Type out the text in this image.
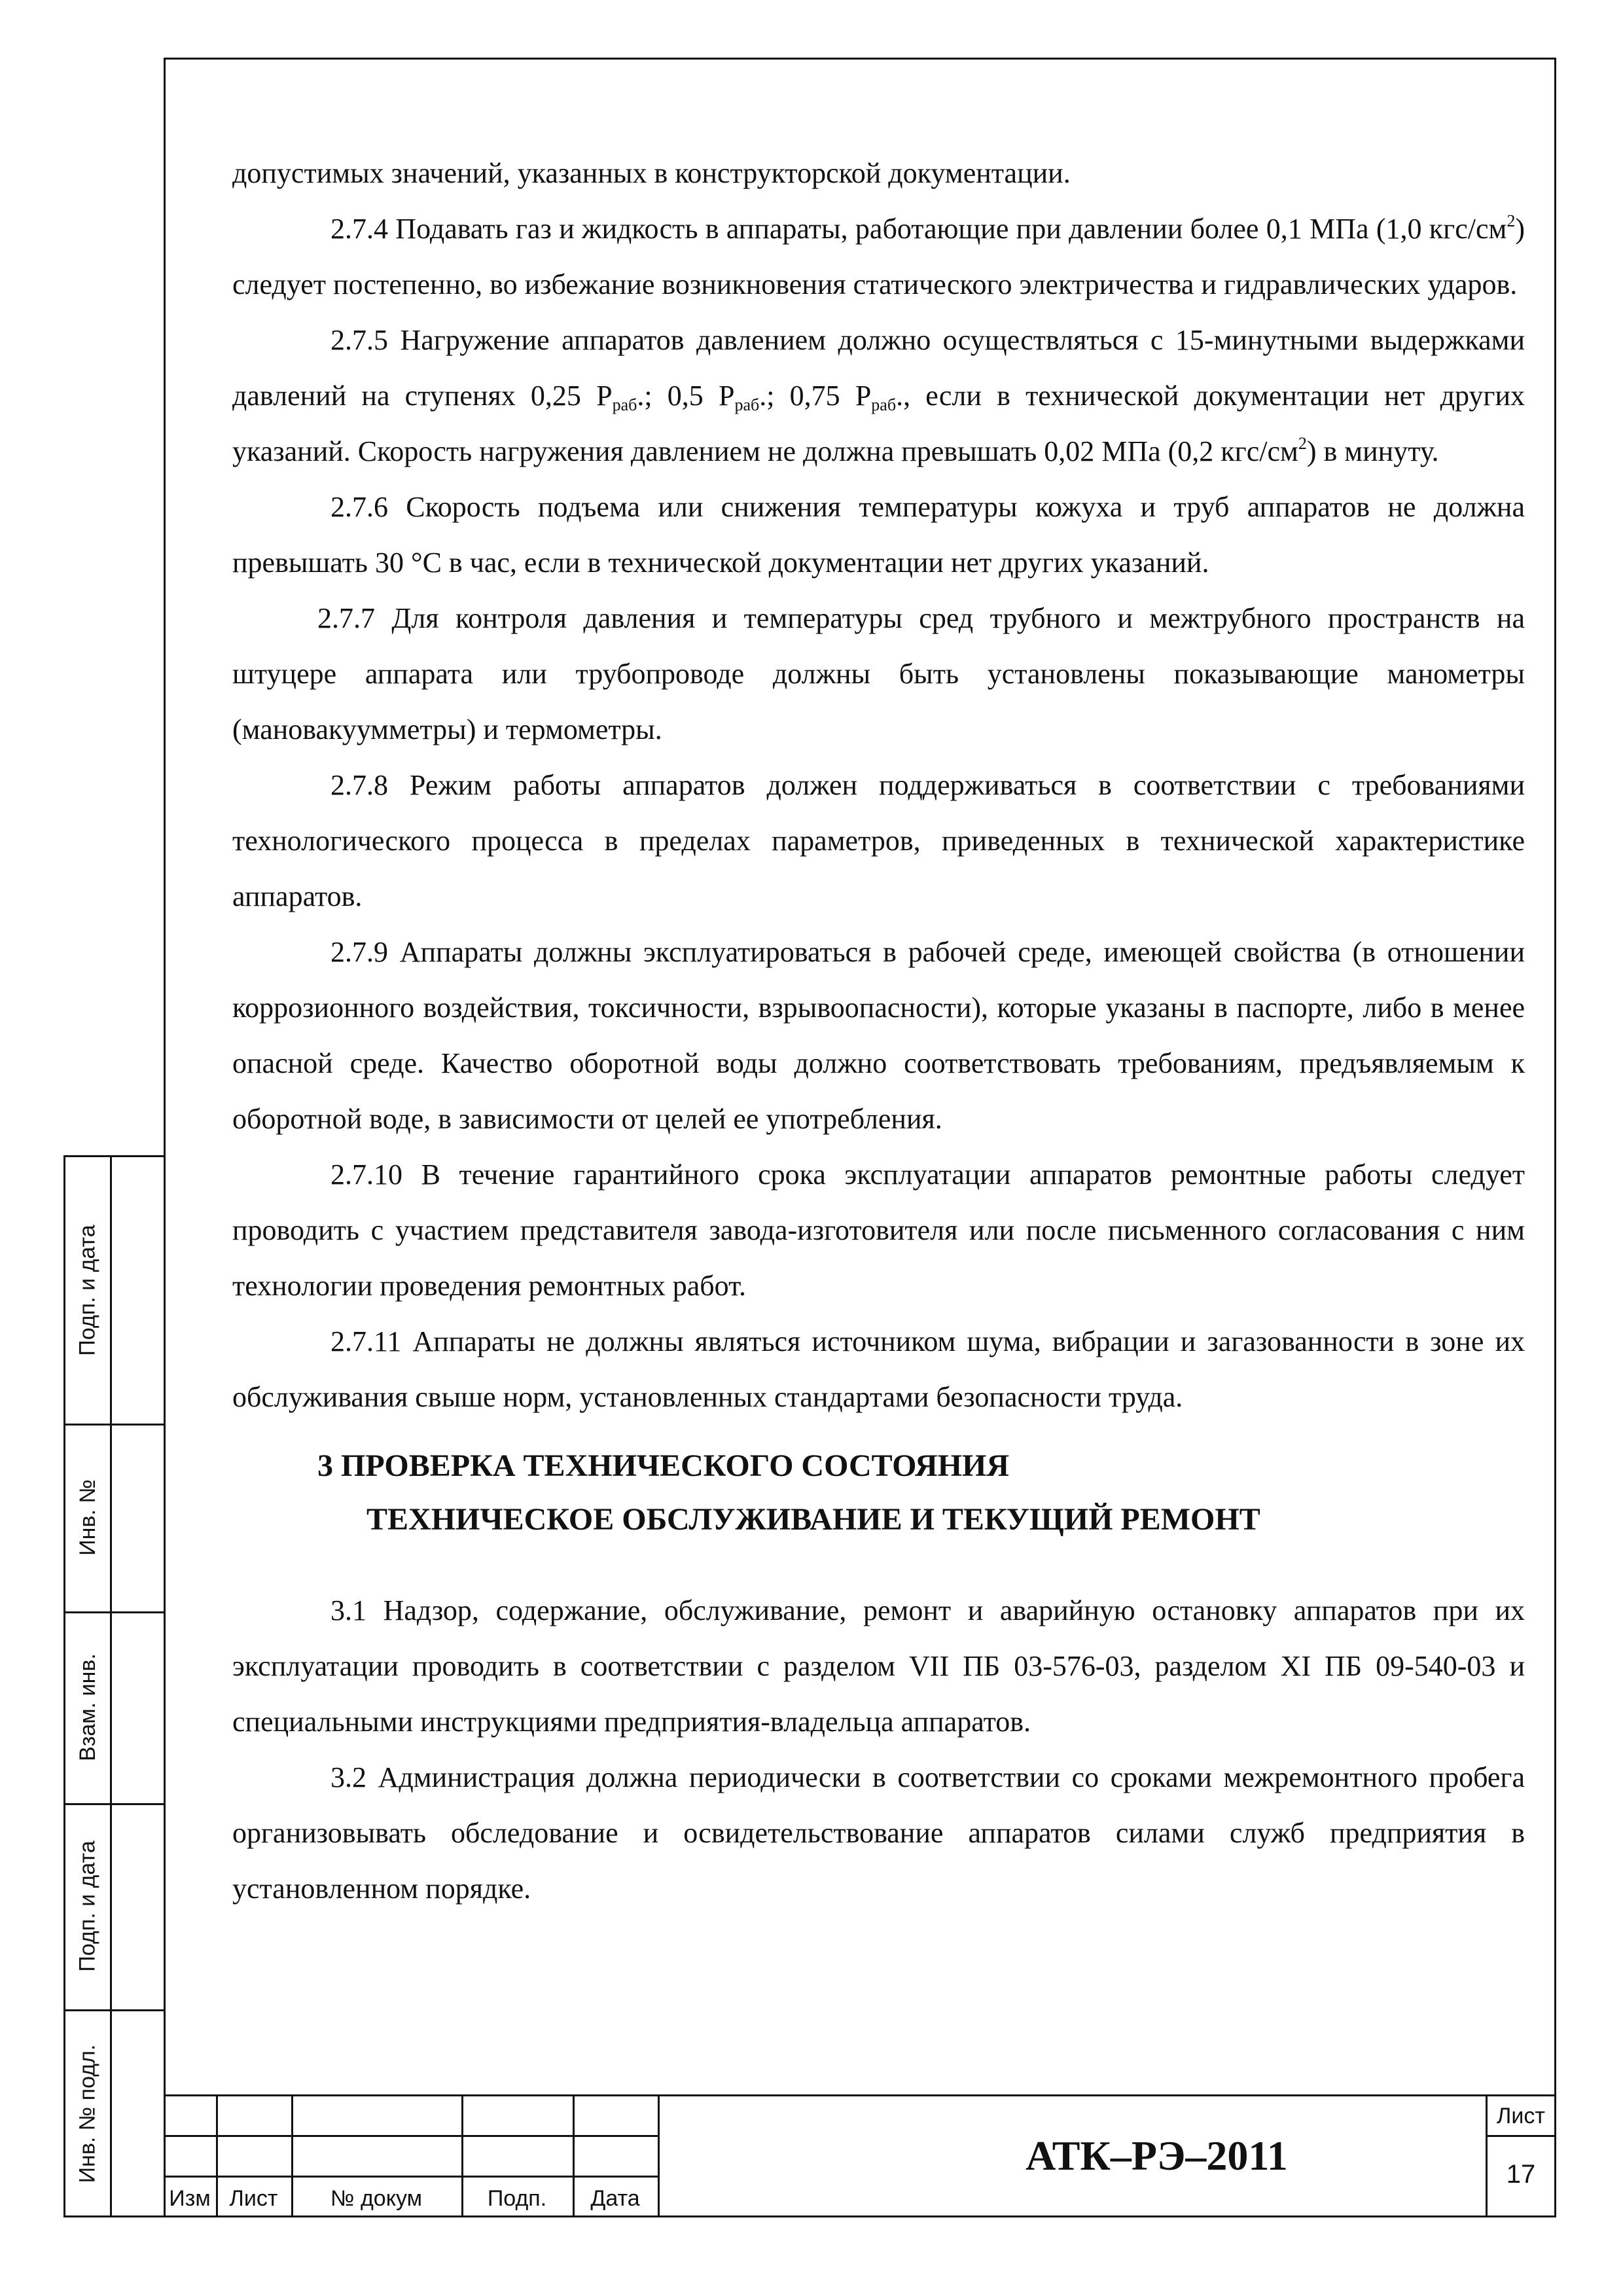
допустимых значений, указанных в конструкторской документации.

2.7.4 Подавать газ и жидкость в аппараты, работающие при давлении более 0,1 МПа (1,0 кгс/$см^2$) следует постепенно, во избежание возникновения статического электричества и гидравлических ударов.

2.7.5 Нагружение аппаратов давлением должно осуществляться с 15-минутными выдержками давлений на ступенях 0,25 $P_{раб}$.; 0,5 $P_{раб}$.; 0,75 $P_{раб}$., если в технической документации нет других указаний. Скорость нагружения давлением не должна превышать 0,02 МПа (0,2 кгс/$см^2$) в минуту.

2.7.6 Скорость подъема или снижения температуры кожуха и труб аппаратов не должна превышать 30 °С в час, если в технической документации нет других указаний.

2.7.7 Для контроля давления и температуры сред трубного и межтрубного пространств на штуцере аппарата или трубопроводе должны быть установлены показывающие манометры (мановакуумметры) и термометры.

2.7.8 Режим работы аппаратов должен поддерживаться в соответствии с требованиями технологического процесса в пределах параметров, приведенных в технической характеристике аппаратов.

2.7.9 Аппараты должны эксплуатироваться в рабочей среде, имеющей свойства (в отношении коррозионного воздействия, токсичности, взрывоопасности), которые указаны в паспорте, либо в менее опасной среде. Качество оборотной воды должно соответствовать требованиям, предъявляемым к оборотной воде, в зависимости от целей ее употребления.

2.7.10 В течение гарантийного срока эксплуатации аппаратов ремонтные работы следует проводить с участием представителя завода-изготовителя или после письменного согласования с ним технологии проведения ремонтных работ.

2.7.11 Аппараты не должны являться источником шума, вибрации и загазованности в зоне их обслуживания свыше норм, установленных стандартами безопасности труда.

3 ПРОВЕРКА ТЕХНИЧЕСКОГО СОСТОЯНИЯ
ТЕХНИЧЕСКОЕ ОБСЛУЖИВАНИЕ И ТЕКУЩИЙ РЕМОНТ

3.1 Надзор, содержание, обслуживание, ремонт и аварийную остановку аппаратов при их эксплуатации проводить в соответствии с разделом VII ПБ 03-576-03, разделом XI ПБ 09-540-03 и специальными инструкциями предприятия-владельца аппаратов.

3.2 Администрация должна периодически в соответствии со сроками межремонтного пробега организовывать обследование и освидетельствование аппаратов силами служб предприятия в установленном порядке.

Подп. и дата
Инв. №
Взам. инв.
Подп. и дата
Инв. № подл.
Изм Лист	№ докум	Подп.	Дата
АТК–РЭ–2011
Лист
17
